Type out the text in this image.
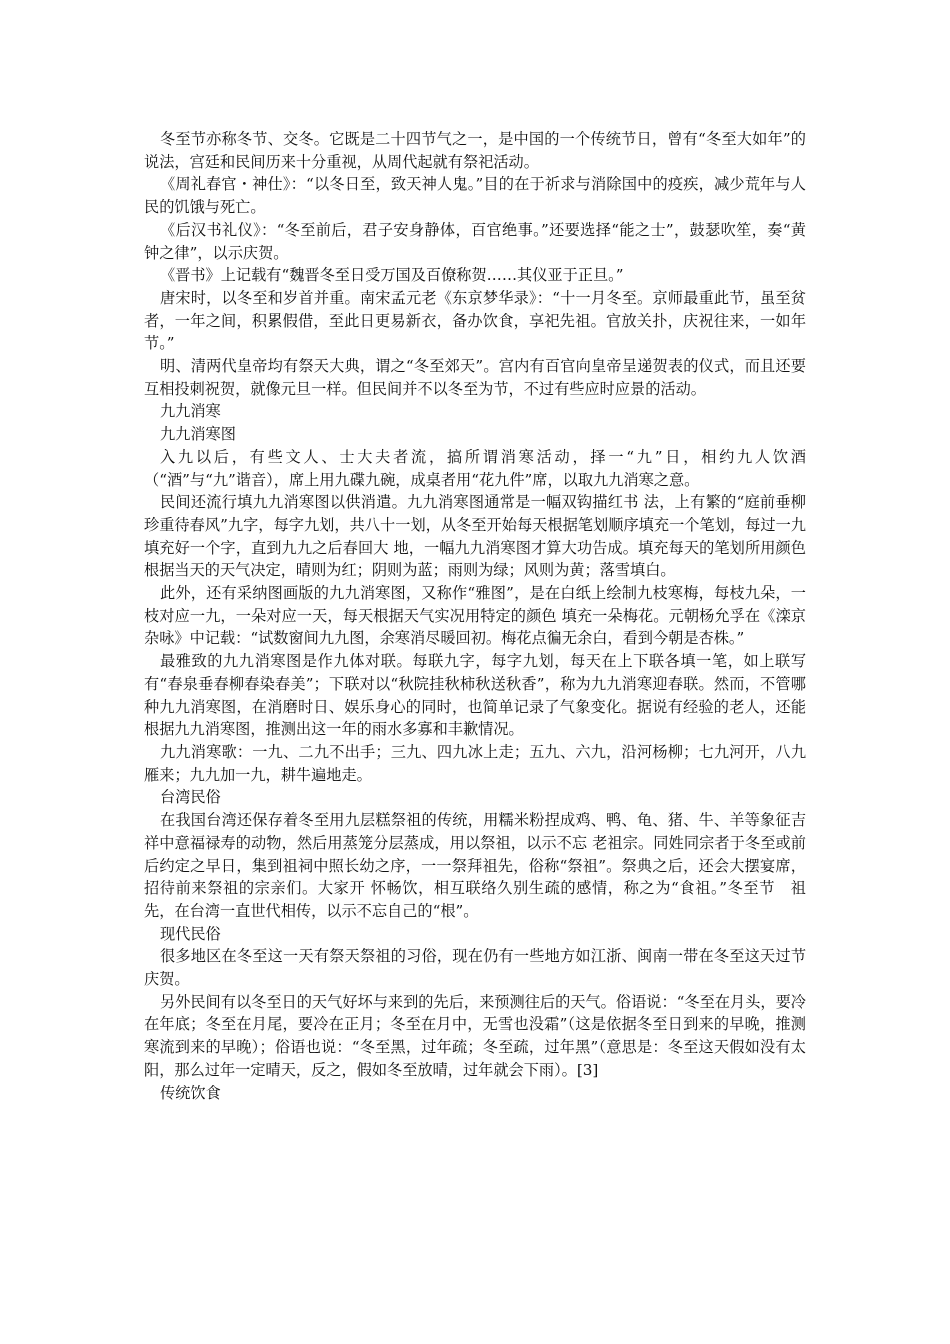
冬至节亦称冬节、交冬。它既是二十四节气之一，是中国的一个传统节日，曾有“冬至大如年”的说法，宫廷和民间历来十分重视，从周代起就有祭祀活动。

《周礼春官・神仕》：“以冬日至，致天神人鬼。”目的在于祈求与消除国中的疫疾，减少荒年与人民的饥饿与死亡。

《后汉书礼仪》：“冬至前后，君子安身静体，百官绝事。”还要选择“能之士”，鼓瑟吹笙，奏“黄钟之律”，以示庆贺。

《晋书》上记载有“魏晋冬至日受万国及百僚称贺……其仪亚于正旦。”

唐宋时，以冬至和岁首并重。南宋孟元老《东京梦华录》：“十一月冬至。京师最重此节，虽至贫者，一年之间，积累假借，至此日更易新衣，备办饮食，享祀先祖。官放关扑，庆祝往来，一如年节。”

明、清两代皇帝均有祭天大典，谓之“冬至郊天”。宫内有百官向皇帝呈递贺表的仪式，而且还要互相投刺祝贺，就像元旦一样。但民间并不以冬至为节，不过有些应时应景的活动。

九九消寒

九九消寒图

入九以后，有些文人、士大夫者流，搞所谓消寒活动，择一“九”日，相约九人饮酒（“酒”与“九”谐音），席上用九碟九碗，成桌者用“花九件”席，以取九九消寒之意。

民间还流行填九九消寒图以供消遣。九九消寒图通常是一幅双钩描红书 法，上有繁的“庭前垂柳珍重待春风”九字，每字九划，共八十一划，从冬至开始每天根据笔划顺序填充一个笔划，每过一九填充好一个字，直到九九之后春回大 地，一幅九九消寒图才算大功告成。填充每天的笔划所用颜色根据当天的天气决定，晴则为红；阴则为蓝；雨则为绿；风则为黄；落雪填白。

此外，还有采纳图画版的九九消寒图，又称作“雅图”，是在白纸上绘制九枝寒梅，每枝九朵，一枝对应一九，一朵对应一天，每天根据天气实况用特定的颜色 填充一朵梅花。元朝杨允孚在《滦京杂咏》中记载：“试数窗间九九图，余寒消尽暖回初。梅花点徧无余白，看到今朝是杏株。”

最雅致的九九消寒图是作九体对联。每联九字，每字九划，每天在上下联各填一笔，如上联写有“春泉垂春柳春染春美”；下联对以“秋院挂秋柿秋送秋香”，称为九九消寒迎春联。然而，不管哪种九九消寒图，在消磨时日、娱乐身心的同时，也简单记录了气象变化。据说有经验的老人，还能根据九九消寒图，推测出这一年的雨水多寡和丰歉情况。

九九消寒歌：一九、二九不出手；三九、四九冰上走；五九、六九，沿河杨柳；七九河开，八九雁来；九九加一九，耕牛遍地走。

台湾民俗

在我国台湾还保存着冬至用九层糕祭祖的传统，用糯米粉捏成鸡、鸭、龟、猪、牛、羊等象征吉祥中意福禄寿的动物，然后用蒸笼分层蒸成，用以祭祖，以示不忘 老祖宗。同姓同宗者于冬至或前后约定之早日，集到祖祠中照长幼之序，一一祭拜祖先，俗称“祭祖”。祭典之后，还会大摆宴席，招待前来祭祖的宗亲们。大家开 怀畅饮，相互联络久别生疏的感情，称之为“食祖。”冬至节　祖先，在台湾一直世代相传，以示不忘自己的“根”。

现代民俗

很多地区在冬至这一天有祭天祭祖的习俗，现在仍有一些地方如江浙、闽南一带在冬至这天过节庆贺。

另外民间有以冬至日的天气好坏与来到的先后，来预测往后的天气。俗语说：“冬至在月头，要冷在年底；冬至在月尾，要冷在正月；冬至在月中，无雪也没霜”（这是依据冬至日到来的早晚，推测寒流到来的早晚）；俗语也说：“冬至黑，过年疏；冬至疏，过年黑”（意思是：冬至这天假如没有太阳，那么过年一定晴天，反之，假如冬至放晴，过年就会下雨）。[3]

传统饮食
